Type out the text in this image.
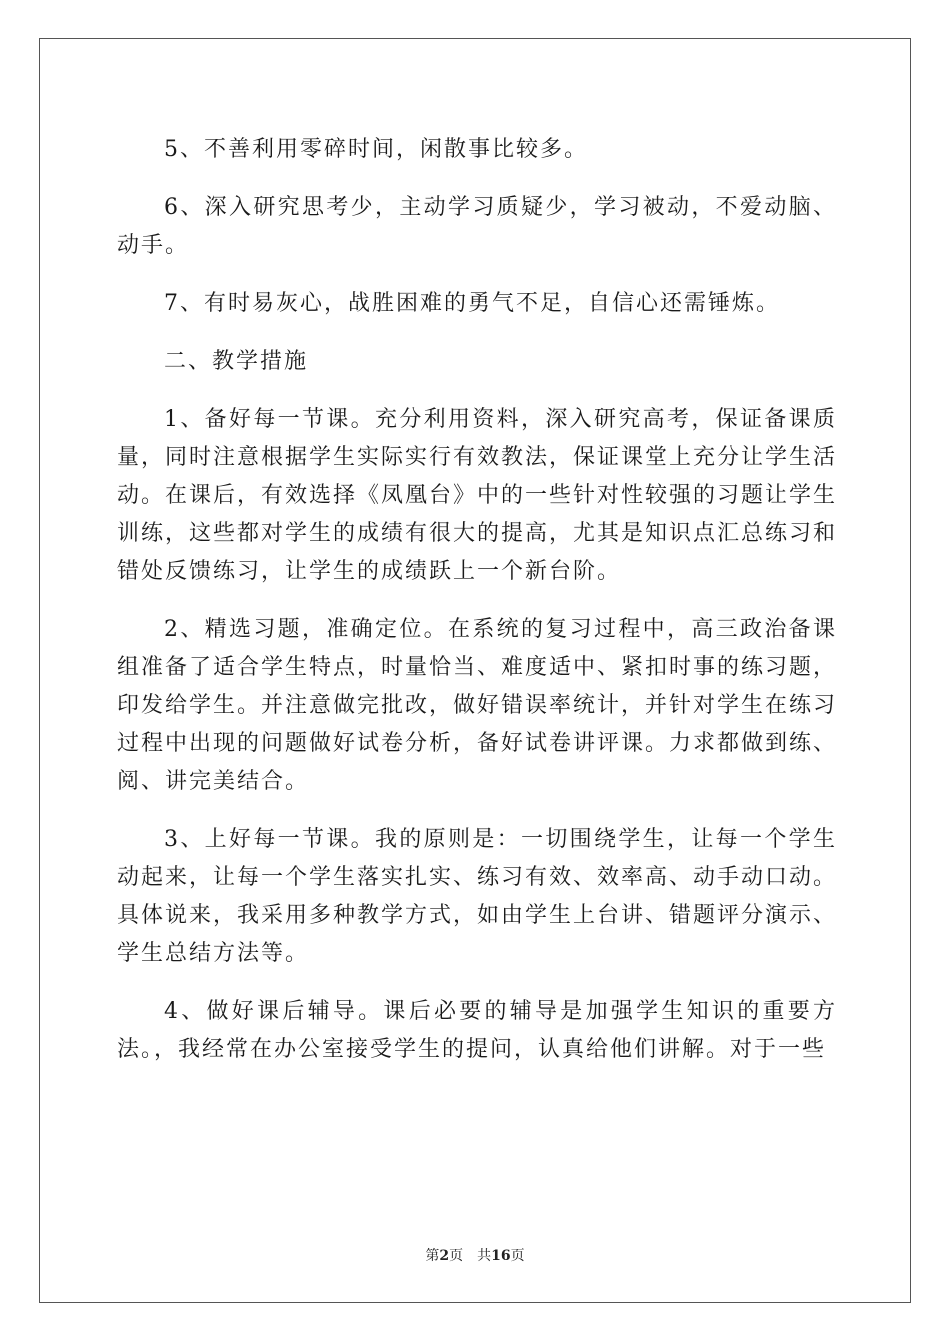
5、不善利用零碎时间，闲散事比较多。

6、深入研究思考少，主动学习质疑少，学习被动，不爱动脑、动手。

7、有时易灰心，战胜困难的勇气不足，自信心还需锤炼。

二、教学措施

1、备好每一节课。充分利用资料，深入研究高考，保证备课质量，同时注意根据学生实际实行有效教法，保证课堂上充分让学生活动。在课后，有效选择《凤凰台》中的一些针对性较强的习题让学生训练，这些都对学生的成绩有很大的提高，尤其是知识点汇总练习和错处反馈练习，让学生的成绩跃上一个新台阶。

2、精选习题，准确定位。在系统的复习过程中，高三政治备课组准备了适合学生特点，时量恰当、难度适中、紧扣时事的练习题，印发给学生。并注意做完批改，做好错误率统计，并针对学生在练习过程中出现的问题做好试卷分析，备好试卷讲评课。力求都做到练、阅、讲完美结合。

3、上好每一节课。我的原则是：一切围绕学生，让每一个学生动起来，让每一个学生落实扎实、练习有效、效率高、动手动口动。具体说来，我采用多种教学方式，如由学生上台讲、错题评分演示、学生总结方法等。

4、做好课后辅导。课后必要的辅导是加强学生知识的重要方法。，我经常在办公室接受学生的提问，认真给他们讲解。对于一些

第2页 共16页
